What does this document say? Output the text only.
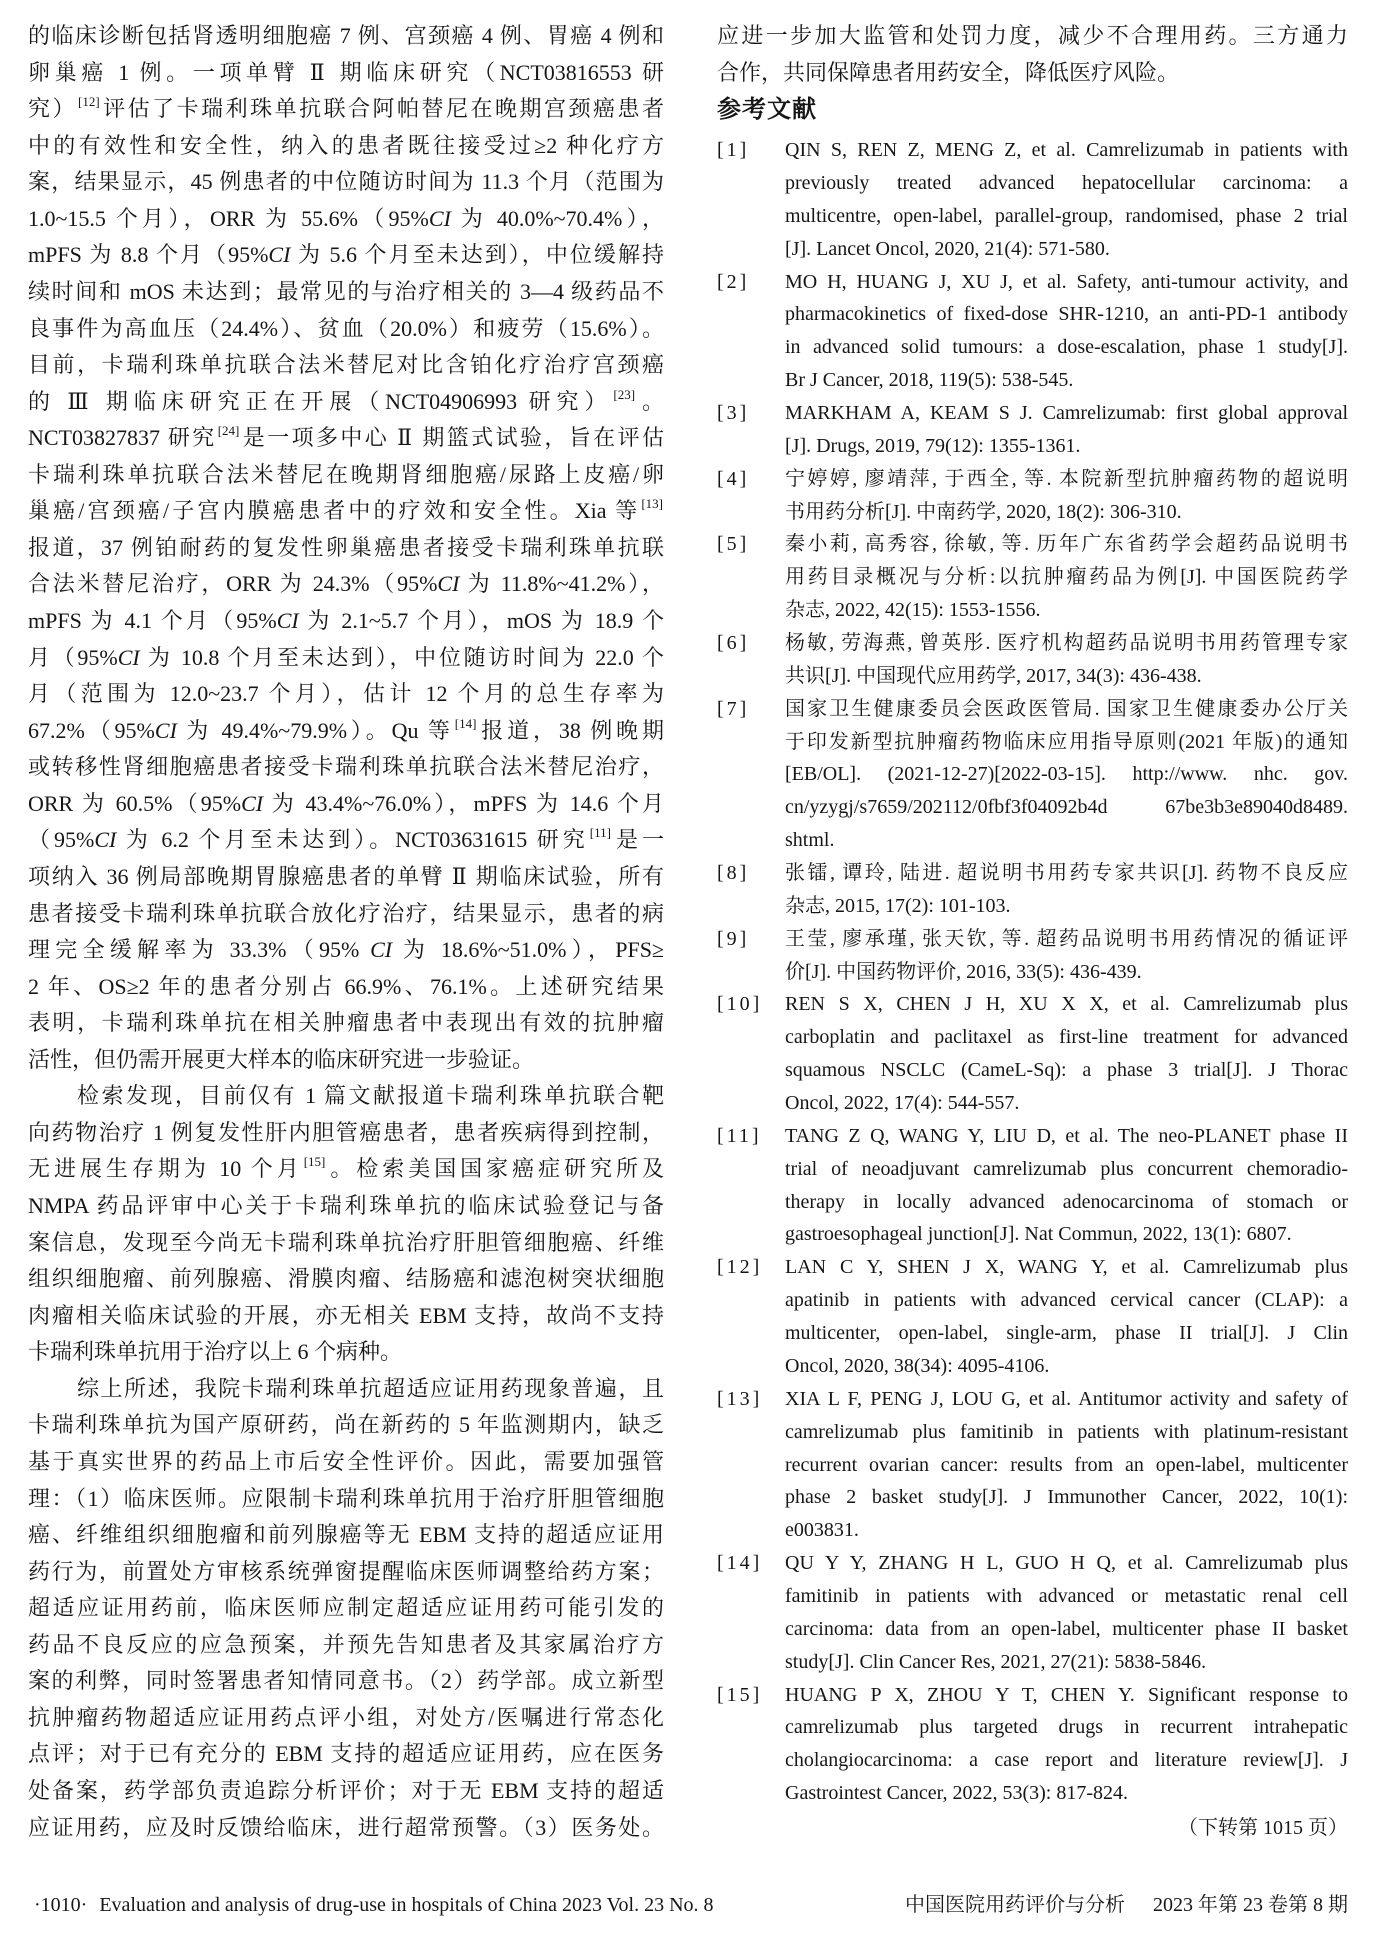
的临床诊断包括肾透明细胞癌 7 例、宫颈癌 4 例、胃癌 4 例和
卵巢癌 1 例。一项单臂 Ⅱ 期临床研究（NCT03816553 研
究）[12]评估了卡瑞利珠单抗联合阿帕替尼在晚期宫颈癌患者
中的有效性和安全性，纳入的患者既往接受过≥2 种化疗方
案，结果显示，45 例患者的中位随访时间为 11.3 个月（范围为
1.0~15.5 个月），ORR 为 55.6%（95%CI 为 40.0%~70.4%），
mPFS 为 8.8 个月（95%CI 为 5.6 个月至未达到），中位缓解持
续时间和 mOS 未达到；最常见的与治疗相关的 3—4 级药品不
良事件为高血压（24.4%）、贫血（20.0%）和疲劳（15.6%）。
目前，卡瑞利珠单抗联合法米替尼对比含铂化疗治疗宫颈癌
的 Ⅲ 期临床研究正在开展（NCT04906993 研究）[23]。
NCT03827837 研究[24]是一项多中心 Ⅱ 期篮式试验，旨在评估
卡瑞利珠单抗联合法米替尼在晚期肾细胞癌/尿路上皮癌/卵
巢癌/宫颈癌/子宫内膜癌患者中的疗效和安全性。Xia 等[13]
报道，37 例铂耐药的复发性卵巢癌患者接受卡瑞利珠单抗联
合法米替尼治疗，ORR 为 24.3%（95%CI 为 11.8%~41.2%），
mPFS 为 4.1 个月（95%CI 为 2.1~5.7 个月），mOS 为 18.9 个
月（95%CI 为 10.8 个月至未达到），中位随访时间为 22.0 个
月（范围为 12.0~23.7 个月），估计 12 个月的总生存率为
67.2%（95%CI 为 49.4%~79.9%）。Qu 等[14]报道，38 例晚期
或转移性肾细胞癌患者接受卡瑞利珠单抗联合法米替尼治疗，
ORR 为 60.5%（95%CI 为 43.4%~76.0%），mPFS 为 14.6 个月
（95%CI 为 6.2 个月至未达到）。NCT03631615 研究[11]是一
项纳入 36 例局部晚期胃腺癌患者的单臂 Ⅱ 期临床试验，所有
患者接受卡瑞利珠单抗联合放化疗治疗，结果显示，患者的病
理完全缓解率为 33.3%（95% CI 为 18.6%~51.0%），PFS≥
2 年、OS≥2 年的患者分别占 66.9%、76.1%。上述研究结果
表明，卡瑞利珠单抗在相关肿瘤患者中表现出有效的抗肿瘤
活性，但仍需开展更大样本的临床研究进一步验证。
检索发现，目前仅有 1 篇文献报道卡瑞利珠单抗联合靶
向药物治疗 1 例复发性肝内胆管癌患者，患者疾病得到控制，
无进展生存期为 10 个月[15]。检索美国国家癌症研究所及
NMPA 药品评审中心关于卡瑞利珠单抗的临床试验登记与备
案信息，发现至今尚无卡瑞利珠单抗治疗肝胆管细胞癌、纤维
组织细胞瘤、前列腺癌、滑膜肉瘤、结肠癌和滤泡树突状细胞
肉瘤相关临床试验的开展，亦无相关 EBM 支持，故尚不支持
卡瑞利珠单抗用于治疗以上 6 个病种。
综上所述，我院卡瑞利珠单抗超适应证用药现象普遍，且
卡瑞利珠单抗为国产原研药，尚在新药的 5 年监测期内，缺乏
基于真实世界的药品上市后安全性评价。因此，需要加强管
理：（1）临床医师。应限制卡瑞利珠单抗用于治疗肝胆管细胞
癌、纤维组织细胞瘤和前列腺癌等无 EBM 支持的超适应证用
药行为，前置处方审核系统弹窗提醒临床医师调整给药方案；
超适应证用药前，临床医师应制定超适应证用药可能引发的
药品不良反应的应急预案，并预先告知患者及其家属治疗方
案的利弊，同时签署患者知情同意书。（2）药学部。成立新型
抗肿瘤药物超适应证用药点评小组，对处方/医嘱进行常态化
点评；对于已有充分的 EBM 支持的超适应证用药，应在医务
处备案，药学部负责追踪分析评价；对于无 EBM 支持的超适
应证用药，应及时反馈给临床，进行超常预警。（3）医务处。
应进一步加大监管和处罚力度，减少不合理用药。三方通力
合作，共同保障患者用药安全，降低医疗风险。
参考文献
[1]	QIN S, REN Z, MENG Z, et al. Camrelizumab in patients with
previously treated advanced hepatocellular carcinoma: a
multicentre, open-label, parallel-group, randomised, phase 2 trial
[J]. Lancet Oncol, 2020, 21(4): 571-580.
[2]	MO H, HUANG J, XU J, et al. Safety, anti-tumour activity, and
pharmacokinetics of fixed-dose SHR-1210, an anti-PD-1 antibody
in advanced solid tumours: a dose-escalation, phase 1 study[J].
Br J Cancer, 2018, 119(5): 538-545.
[3]	MARKHAM A, KEAM S J. Camrelizumab: first global approval
[J]. Drugs, 2019, 79(12): 1355-1361.
[4]	宁婷婷, 廖靖萍, 于西全, 等. 本院新型抗肿瘤药物的超说明
书用药分析[J]. 中南药学, 2020, 18(2): 306-310.
[5]	秦小莉, 高秀容, 徐敏, 等. 历年广东省药学会超药品说明书
用药目录概况与分析:以抗肿瘤药品为例[J]. 中国医院药学
杂志, 2022, 42(15): 1553-1556.
[6]	杨敏, 劳海燕, 曾英彤. 医疗机构超药品说明书用药管理专家
共识[J]. 中国现代应用药学, 2017, 34(3): 436-438.
[7]	国家卫生健康委员会医政医管局. 国家卫生健康委办公厅关
于印发新型抗肿瘤药物临床应用指导原则(2021 年版)的通知
[EB/OL]. (2021-12-27)[2022-03-15]. http://www. nhc. gov.
cn/yzygj/s7659/202112/0fbf3f04092b4d 67be3b3e89040d8489.
shtml.
[8]	张镭, 谭玲, 陆进. 超说明书用药专家共识[J]. 药物不良反应
杂志, 2015, 17(2): 101-103.
[9]	王莹, 廖承瑾, 张天钦, 等. 超药品说明书用药情况的循证评
价[J]. 中国药物评价, 2016, 33(5): 436-439.
[10]	REN S X, CHEN J H, XU X X, et al. Camrelizumab plus
carboplatin and paclitaxel as first-line treatment for advanced
squamous NSCLC (CameL-Sq): a phase 3 trial[J]. J Thorac
Oncol, 2022, 17(4): 544-557.
[11]	TANG Z Q, WANG Y, LIU D, et al. The neo-PLANET phase II
trial of neoadjuvant camrelizumab plus concurrent chemoradio-
therapy in locally advanced adenocarcinoma of stomach or
gastroesophageal junction[J]. Nat Commun, 2022, 13(1): 6807.
[12]	LAN C Y, SHEN J X, WANG Y, et al. Camrelizumab plus
apatinib in patients with advanced cervical cancer (CLAP): a
multicenter, open-label, single-arm, phase II trial[J]. J Clin
Oncol, 2020, 38(34): 4095-4106.
[13]	XIA L F, PENG J, LOU G, et al. Antitumor activity and safety of
camrelizumab plus famitinib in patients with platinum-resistant
recurrent ovarian cancer: results from an open-label, multicenter
phase 2 basket study[J]. J Immunother Cancer, 2022, 10(1):
e003831.
[14]	QU Y Y, ZHANG H L, GUO H Q, et al. Camrelizumab plus
famitinib in patients with advanced or metastatic renal cell
carcinoma: data from an open-label, multicenter phase II basket
study[J]. Clin Cancer Res, 2021, 27(21): 5838-5846.
[15]	HUANG P X, ZHOU Y T, CHEN Y. Significant response to
camrelizumab plus targeted drugs in recurrent intrahepatic
cholangiocarcinoma: a case report and literature review[J]. J
Gastrointest Cancer, 2022, 53(3): 817-824.
（下转第 1015 页）
·1010· Evaluation and analysis of drug-use in hospitals of China 2023 Vol. 23 No. 8	中国医院用药评价与分析 2023 年第 23 卷第 8 期
